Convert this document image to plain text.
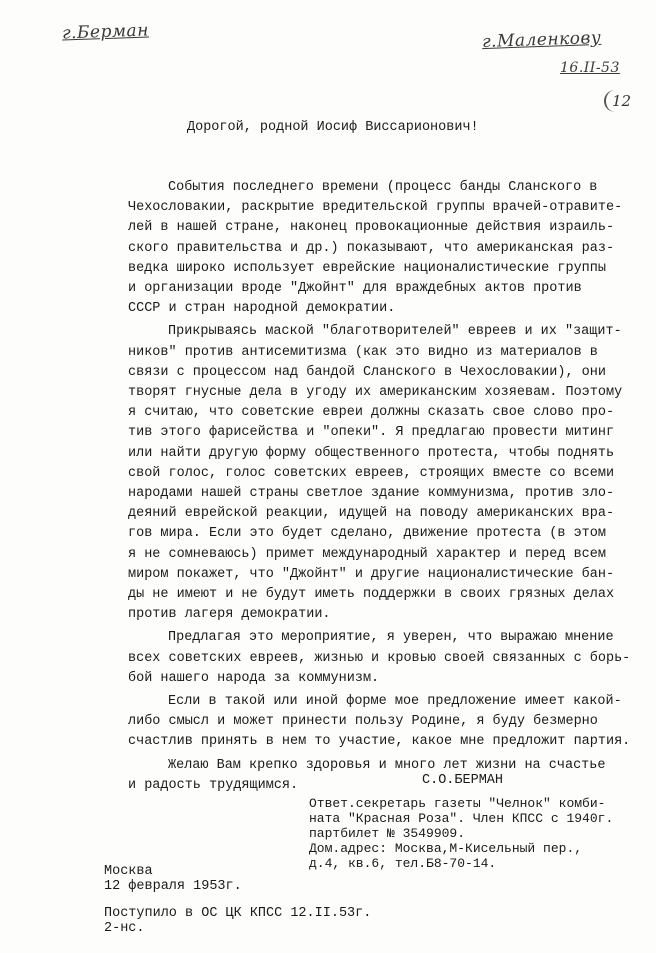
г.Берман	г.Маленкову
16.II-53
12
Дорогой, родной Иосиф Виссарионович!

События последнего времени (процесс банды Сланского в
Чехословакии, раскрытие вредительской группы врачей-отравите-
лей в нашей стране, наконец провокационные действия израиль-
ского правительства и др.) показывают, что американская раз-
ведка широко использует еврейские националистические группы
и организации вроде "Джойнт" для враждебных актов против
СССР и стран народной демократии.

Прикрываясь маской "благотворителей" евреев и их "защит-
ников" против антисемитизма (как это видно из материалов в
связи с процессом над бандой Сланского в Чехословакии), они
творят гнусные дела в угоду их американским хозяевам. Поэтому
я считаю, что советские евреи должны сказать свое слово про-
тив этого фарисейства и "опеки". Я предлагаю провести митинг
или найти другую форму общественного протеста, чтобы поднять
свой голос, голос советских евреев, строящих вместе со всеми
народами нашей страны светлое здание коммунизма, против зло-
деяний еврейской реакции, идущей на поводу американских вра-
гов мира. Если это будет сделано, движение протеста (в этом
я не сомневаюсь) примет международный характер и перед всем
миром покажет, что "Джойнт" и другие националистические бан-
ды не имеют и не будут иметь поддержки в своих грязных делах
против лагеря демократии.

Предлагая это мероприятие, я уверен, что выражаю мнение
всех советских евреев, жизнью и кровью своей связанных с борь-
бой нашего народа за коммунизм.

Если в такой или иной форме мое предложение имеет какой-
либо смысл и может принести пользу Родине, я буду безмерно
счастлив принять в нем то участие, какое мне предложит партия.

Желаю Вам крепко здоровья и много лет жизни на счастье
и радость трудящимся.	С.О.БЕРМАН
Ответ.секретарь газеты "Челнок" комби-
ната "Красная Роза". Член КПСС с 1940г.
партбилет № 3549909.
Дом.адрес: Москва,М-Кисельный пер.,
д.4, кв.6, тел.Б8-70-14.
Москва
12 февраля 1953г.
Поступило в ОС ЦК КПСС 12.II.53г.
2-нс.
